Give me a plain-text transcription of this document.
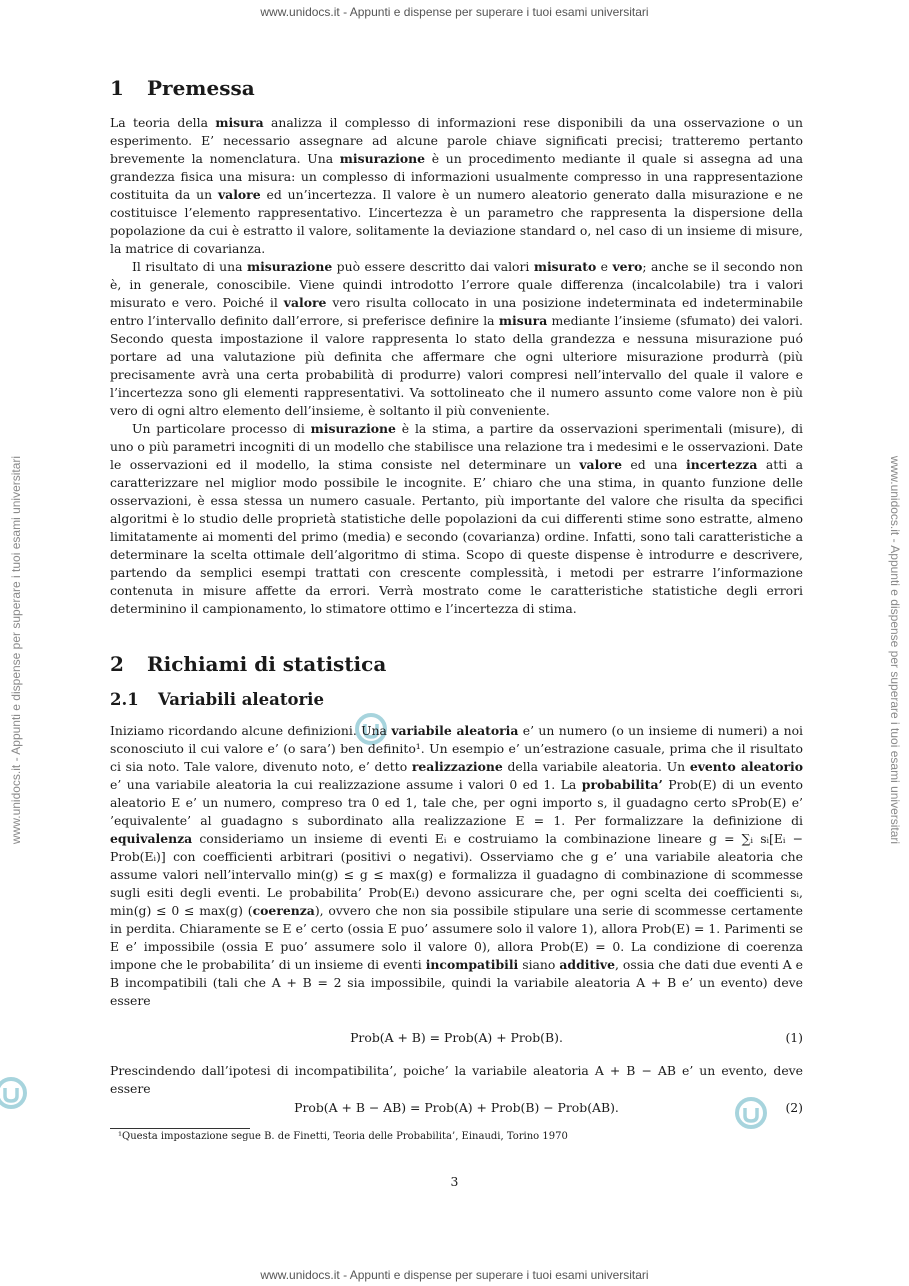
www.unidocs.it - Appunti e dispense per superare i tuoi esami universitari
www.unidocs.it - Appunti e dispense per superare i tuoi esami universitari	www.unidocs.it - Appunti e dispense per superare i tuoi esami universitari
1 Premessa

La teoria della misura analizza il complesso di informazioni rese disponibili da una osservazione o un esperimento. E’ necessario assegnare ad alcune parole chiave significati precisi; tratteremo pertanto brevemente la nomenclatura. Una misurazione è un procedimento mediante il quale si assegna ad una grandezza fisica una misura: un complesso di informazioni usualmente compresso in una rappresentazione costituita da un valore ed un’incertezza. Il valore è un numero aleatorio generato dalla misurazione e ne costituisce l’elemento rappresentativo. L’incertezza è un parametro che rappresenta la dispersione della popolazione da cui è estratto il valore, solitamente la deviazione standard o, nel caso di un insieme di misure, la matrice di covarianza.

Il risultato di una misurazione può essere descritto dai valori misurato e vero; anche se il secondo non è, in generale, conoscibile. Viene quindi introdotto l’errore quale differenza (incalcolabile) tra i valori misurato e vero. Poiché il valore vero risulta collocato in una posizione indeterminata ed indeterminabile entro l’intervallo definito dall’errore, si preferisce definire la misura mediante l’insieme (sfumato) dei valori. Secondo questa impostazione il valore rappresenta lo stato della grandezza e nessuna misurazione puó portare ad una valutazione più definita che affermare che ogni ulteriore misurazione produrrà (più precisamente avrà una certa probabilità di produrre) valori compresi nell’intervallo del quale il valore e l’incertezza sono gli elementi rappresentativi. Va sottolineato che il numero assunto come valore non è più vero di ogni altro elemento dell’insieme, è soltanto il più conveniente.

Un particolare processo di misurazione è la stima, a partire da osservazioni sperimentali (misure), di uno o più parametri incogniti di un modello che stabilisce una relazione tra i medesimi e le osservazioni. Date le osservazioni ed il modello, la stima consiste nel determinare un valore ed una incertezza atti a caratterizzare nel miglior modo possibile le incognite. E’ chiaro che una stima, in quanto funzione delle osservazioni, è essa stessa un numero casuale. Pertanto, più importante del valore che risulta da specifici algoritmi è lo studio delle proprietà statistiche delle popolazioni da cui differenti stime sono estratte, almeno limitatamente ai momenti del primo (media) e secondo (covarianza) ordine. Infatti, sono tali caratteristiche a determinare la scelta ottimale dell’algoritmo di stima. Scopo di queste dispense è introdurre e descrivere, partendo da semplici esempi trattati con crescente complessità, i metodi per estrarre l’informazione contenuta in misure affette da errori. Verrà mostrato come le caratteristiche statistiche degli errori determinino il campionamento, lo stimatore ottimo e l’incertezza di stima.

2 Richiami di statistica
2.1 Variabili aleatorie

Iniziamo ricordando alcune definizioni. Una variabile aleatoria e’ un numero (o un insieme di numeri) a noi sconosciuto il cui valore e’ (o sara’) ben definito¹. Un esempio e’ un’estrazione casuale, prima che il risultato ci sia noto. Tale valore, divenuto noto, e’ detto realizzazione della variabile aleatoria. Un evento aleatorio e’ una variabile aleatoria la cui realizzazione assume i valori 0 ed 1. La probabilita’ Prob(E) di un evento aleatorio E e’ un numero, compreso tra 0 ed 1, tale che, per ogni importo s, il guadagno certo sProb(E) e’ ’equivalente’ al guadagno s subordinato alla realizzazione E = 1. Per formalizzare la definizione di equivalenza consideriamo un insieme di eventi Eᵢ e costruiamo la combinazione lineare g = ∑ᵢ sᵢ[Eᵢ − Prob(Eᵢ)] con coefficienti arbitrari (positivi o negativi). Osserviamo che g e’ una variabile aleatoria che assume valori nell’intervallo min(g) ≤ g ≤ max(g) e formalizza il guadagno di combinazione di scommesse sugli esiti degli eventi. Le probabilita’ Prob(Eᵢ) devono assicurare che, per ogni scelta dei coefficienti sᵢ, min(g) ≤ 0 ≤ max(g) (coerenza), ovvero che non sia possibile stipulare una serie di scommesse certamente in perdita. Chiaramente se E e’ certo (ossia E puo’ assumere solo il valore 1), allora Prob(E) = 1. Parimenti se E e’ impossibile (ossia E puo’ assumere solo il valore 0), allora Prob(E) = 0. La condizione di coerenza impone che le probabilita’ di un insieme di eventi incompatibili siano additive, ossia che dati due eventi A e B incompatibili (tali che A + B = 2 sia impossibile, quindi la variabile aleatoria A + B e’ un evento) deve essere

Prob(A + B) = Prob(A) + Prob(B).	(1)

Prescindendo dall’ipotesi di incompatibilita’, poiche’ la variabile aleatoria A + B − AB e’ un evento, deve essere

Prob(A + B − AB) = Prob(A) + Prob(B) − Prob(AB).	(2)
¹Questa impostazione segue B. de Finetti, Teoria delle Probabilita’, Einaudi, Torino 1970
3
www.unidocs.it - Appunti e dispense per superare i tuoi esami universitari
